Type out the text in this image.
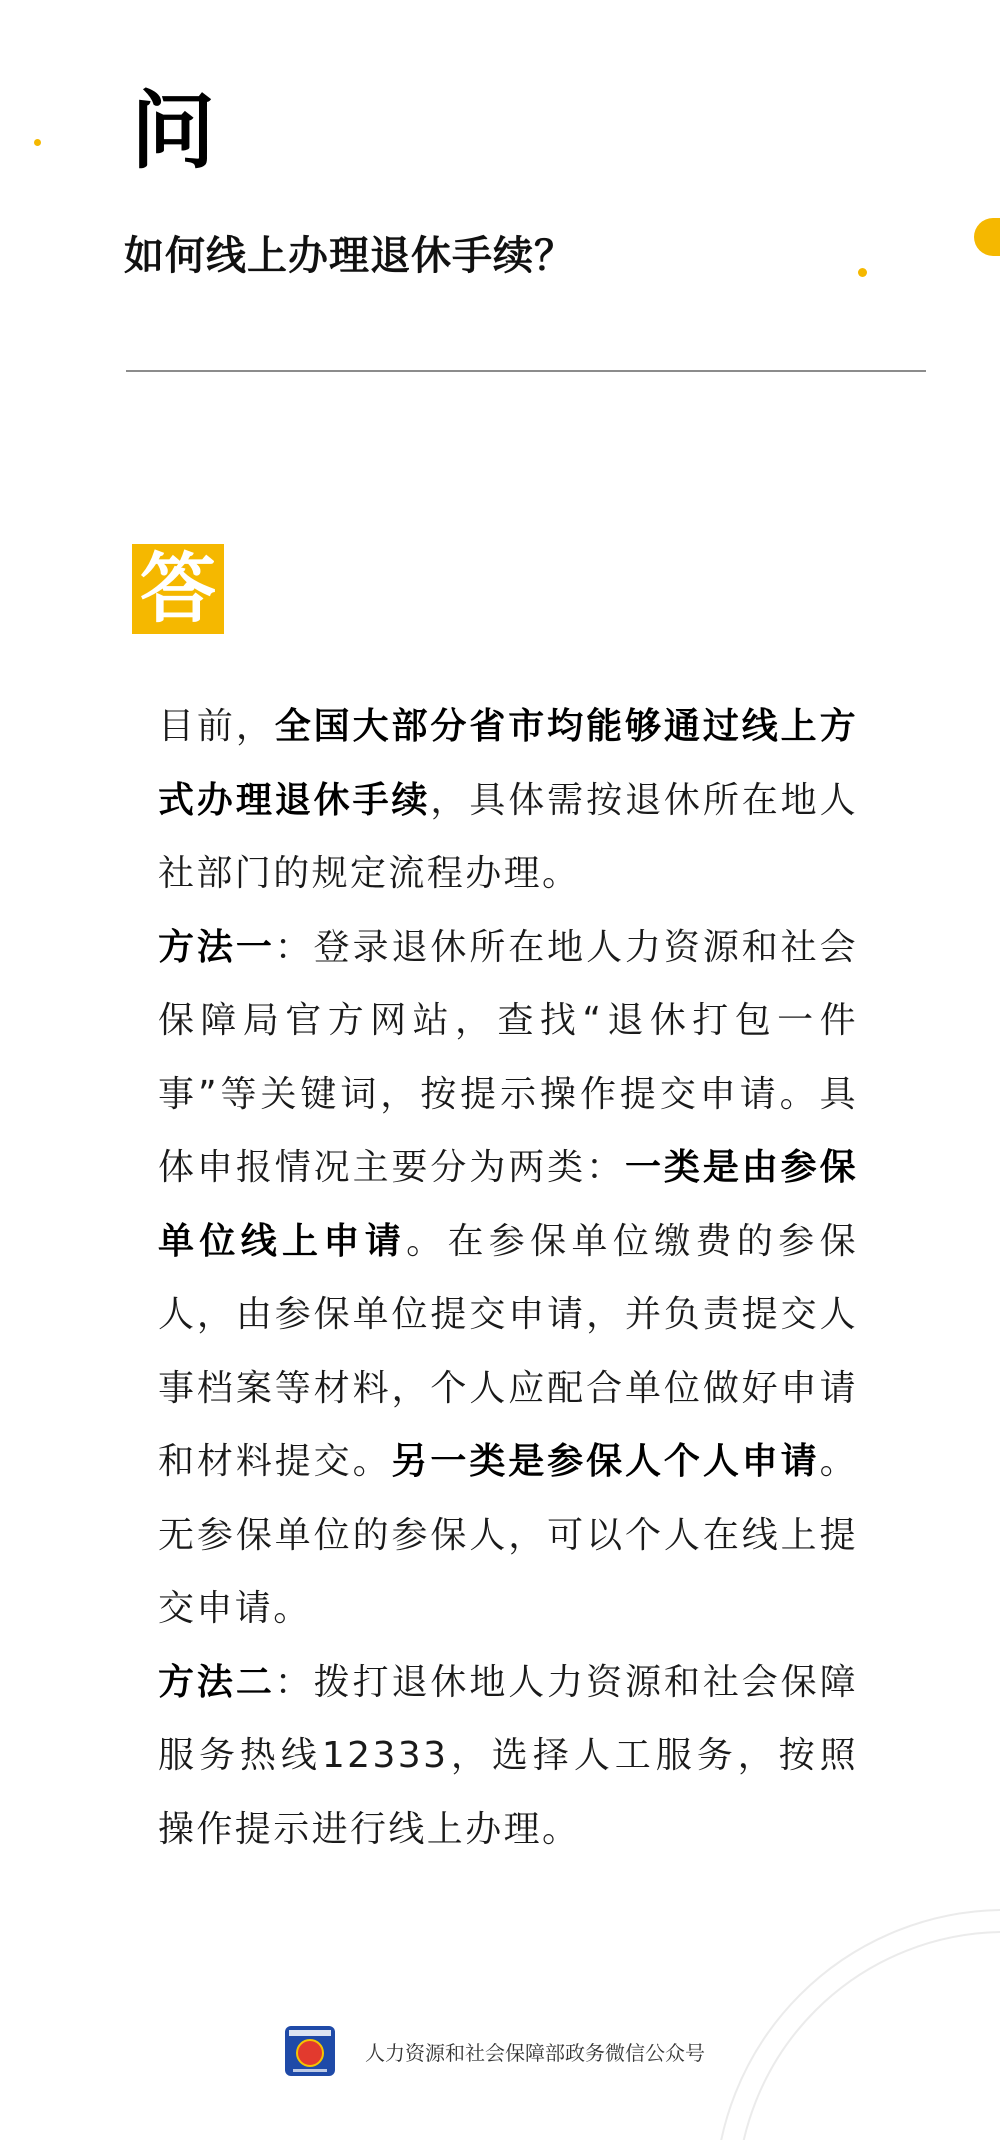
问
如何线上办理退休手续？
答

目前，全国大部分省市均能够通过线上方式办理退休手续，具体需按退休所在地人社部门的规定流程办理。

方法一：登录退休所在地人力资源和社会保障局官方网站，查找“退休打包一件事”等关键词，按提示操作提交申请。具体申报情况主要分为两类：一类是由参保单位线上申请。在参保单位缴费的参保人，由参保单位提交申请，并负责提交人事档案等材料，个人应配合单位做好申请和材料提交。另一类是参保人个人申请。无参保单位的参保人，可以个人在线上提交申请。

方法二：拨打退休地人力资源和社会保障服务热线12333，选择人工服务，按照操作提示进行线上办理。

人力资源和社会保障部政务微信公众号
